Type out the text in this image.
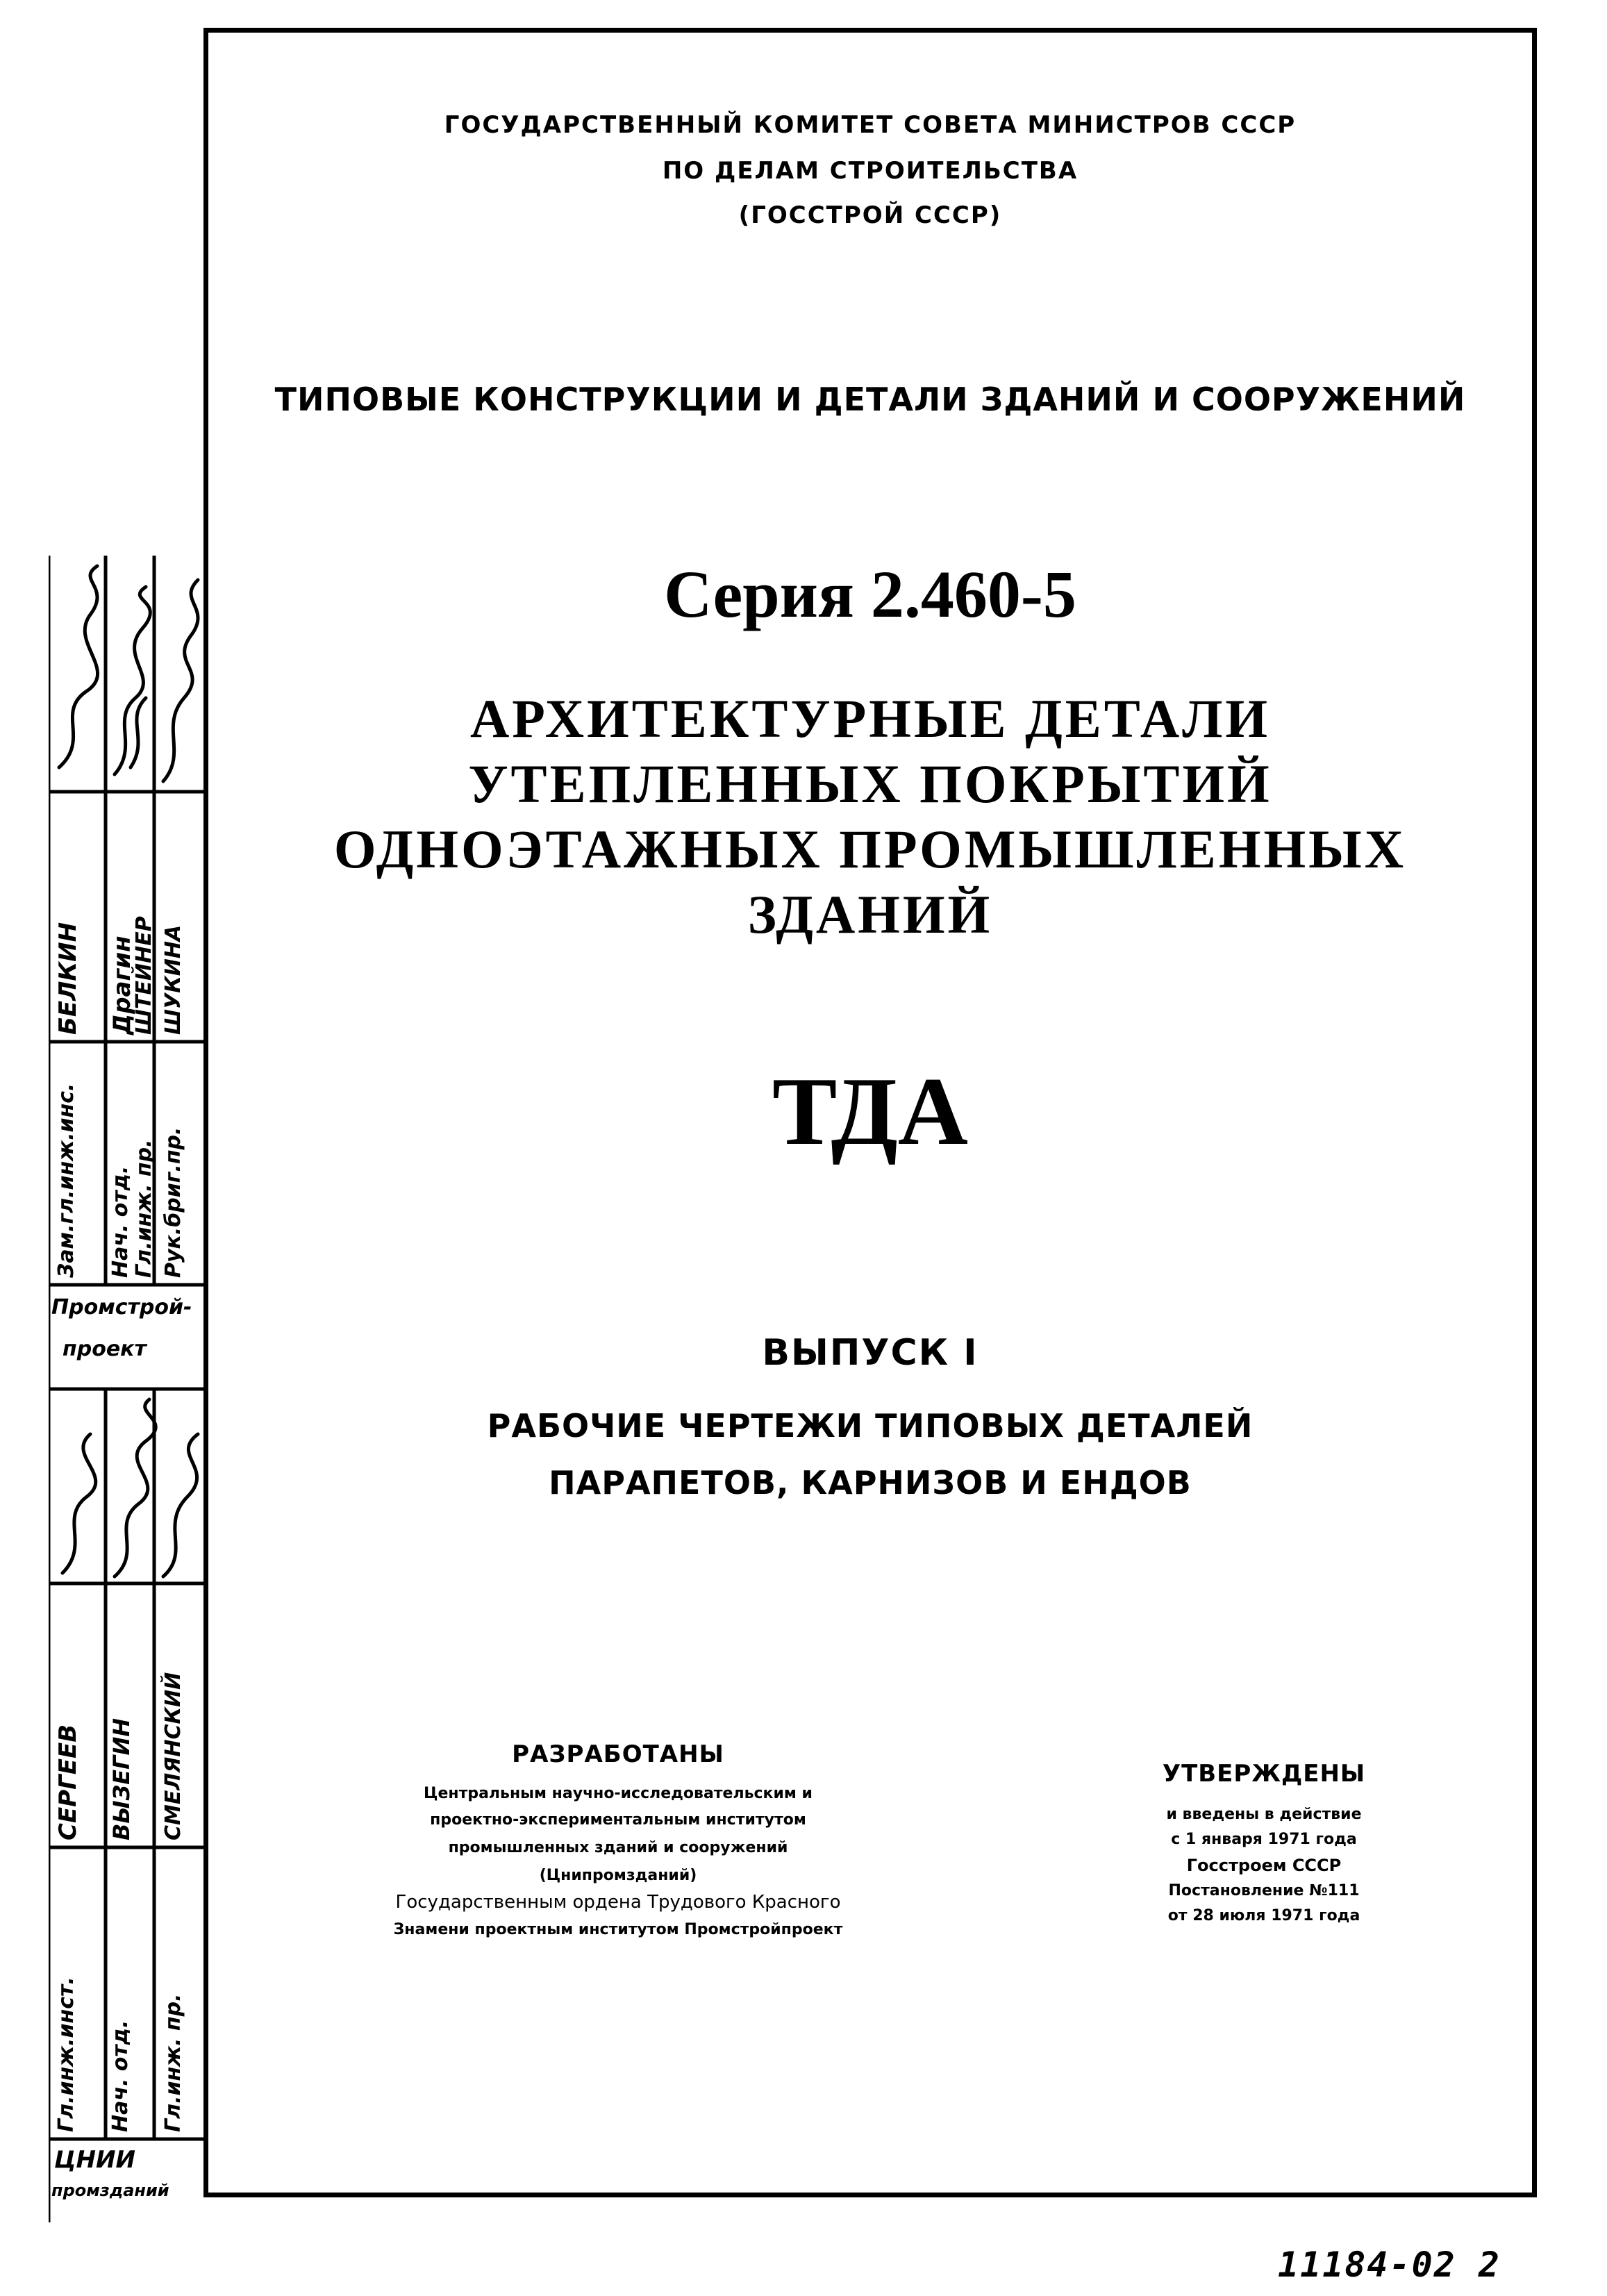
ГОСУДАРСТВЕННЫЙ КОМИТЕТ СОВЕТА МИНИСТРОВ СССР
ПО ДЕЛАМ СТРОИТЕЛЬСТВА
(ГОССТРОЙ СССР)
ТИПОВЫЕ КОНСТРУКЦИИ И ДЕТАЛИ ЗДАНИЙ И СООРУЖЕНИЙ
Серия 2.460-5
АРХИТЕКТУРНЫЕ ДЕТАЛИ
УТЕПЛЕННЫХ ПОКРЫТИЙ
ОДНОЭТАЖНЫХ ПРОМЫШЛЕННЫХ
ЗДАНИЙ
ТДА
ВЫПУСК I
РАБОЧИЕ ЧЕРТЕЖИ ТИПОВЫХ ДЕТАЛЕЙ
ПАРАПЕТОВ, КАРНИЗОВ И ЕНДОВ
РАЗРАБОТАНЫ
Центральным научно-исследовательским и
проектно-экспериментальным институтом
промышленных зданий и сооружений
(Цнипромзданий)
Государственным ордена Трудового Красного
Знамени проектным институтом Промстройпроект
УТВЕРЖДЕНЫ
и введены в действие
с 1 января 1971 года
Госстроем СССР
Постановление №111
от 28 июля 1971 года
Зам.гл.инж.инс. Нач. отд. Гл.инж. пр. Рук.бриг.пр.
БЕЛКИН Драгин
ШТЕЙНЕР ШУКИНА
Промстрой-
проект
Гл.инж.инст. Нач. отд. Гл.инж. пр.
СЕРГЕЕВ ВЫЗЕГИН СМЕЛЯНСКИЙ
ЦНИИ
промзданий
11184-02 2
